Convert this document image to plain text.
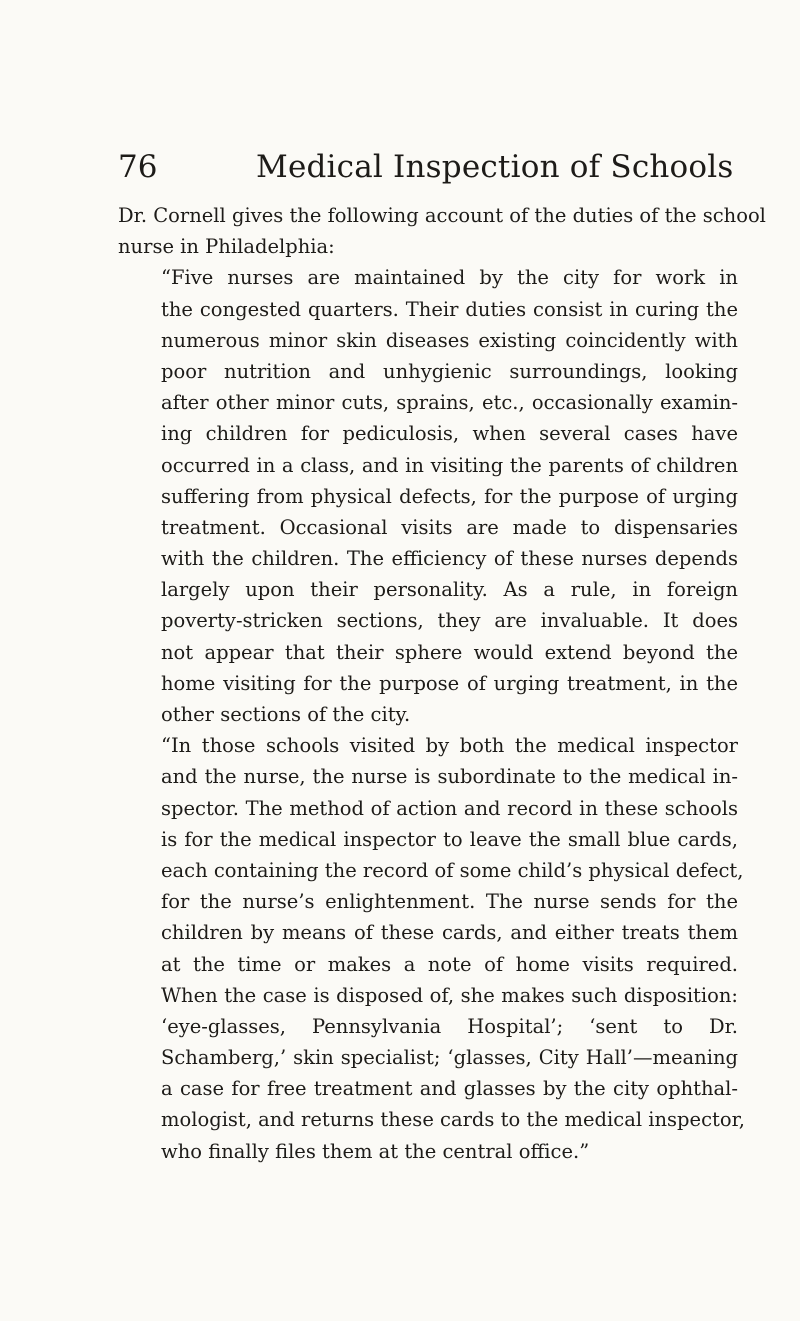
76	Medical Inspection of Schools
Dr. Cornell gives the following account of the duties of the school
nurse in Philadelphia:
“Five nurses are maintained by the city for work in
the congested quarters. Their duties consist in curing the
numerous minor skin diseases existing coincidently with
poor nutrition and unhygienic surroundings, looking
after other minor cuts, sprains, etc., occasionally examin-
ing children for pediculosis, when several cases have
occurred in a class, and in visiting the parents of children
suffering from physical defects, for the purpose of urging
treatment. Occasional visits are made to dispensaries
with the children. The efficiency of these nurses depends
largely upon their personality. As a rule, in foreign
poverty-stricken sections, they are invaluable. It does
not appear that their sphere would extend beyond the
home visiting for the purpose of urging treatment, in the
other sections of the city.
“In those schools visited by both the medical inspector
and the nurse, the nurse is subordinate to the medical in-
spector. The method of action and record in these schools
is for the medical inspector to leave the small blue cards,
each containing the record of some child’s physical defect,
for the nurse’s enlightenment. The nurse sends for the
children by means of these cards, and either treats them
at the time or makes a note of home visits required.
When the case is disposed of, she makes such disposition:
‘eye-glasses, Pennsylvania Hospital’; ‘sent to Dr.
Schamberg,’ skin specialist; ‘glasses, City Hall’—meaning
a case for free treatment and glasses by the city ophthal-
mologist, and returns these cards to the medical inspector,
who finally files them at the central office.”
